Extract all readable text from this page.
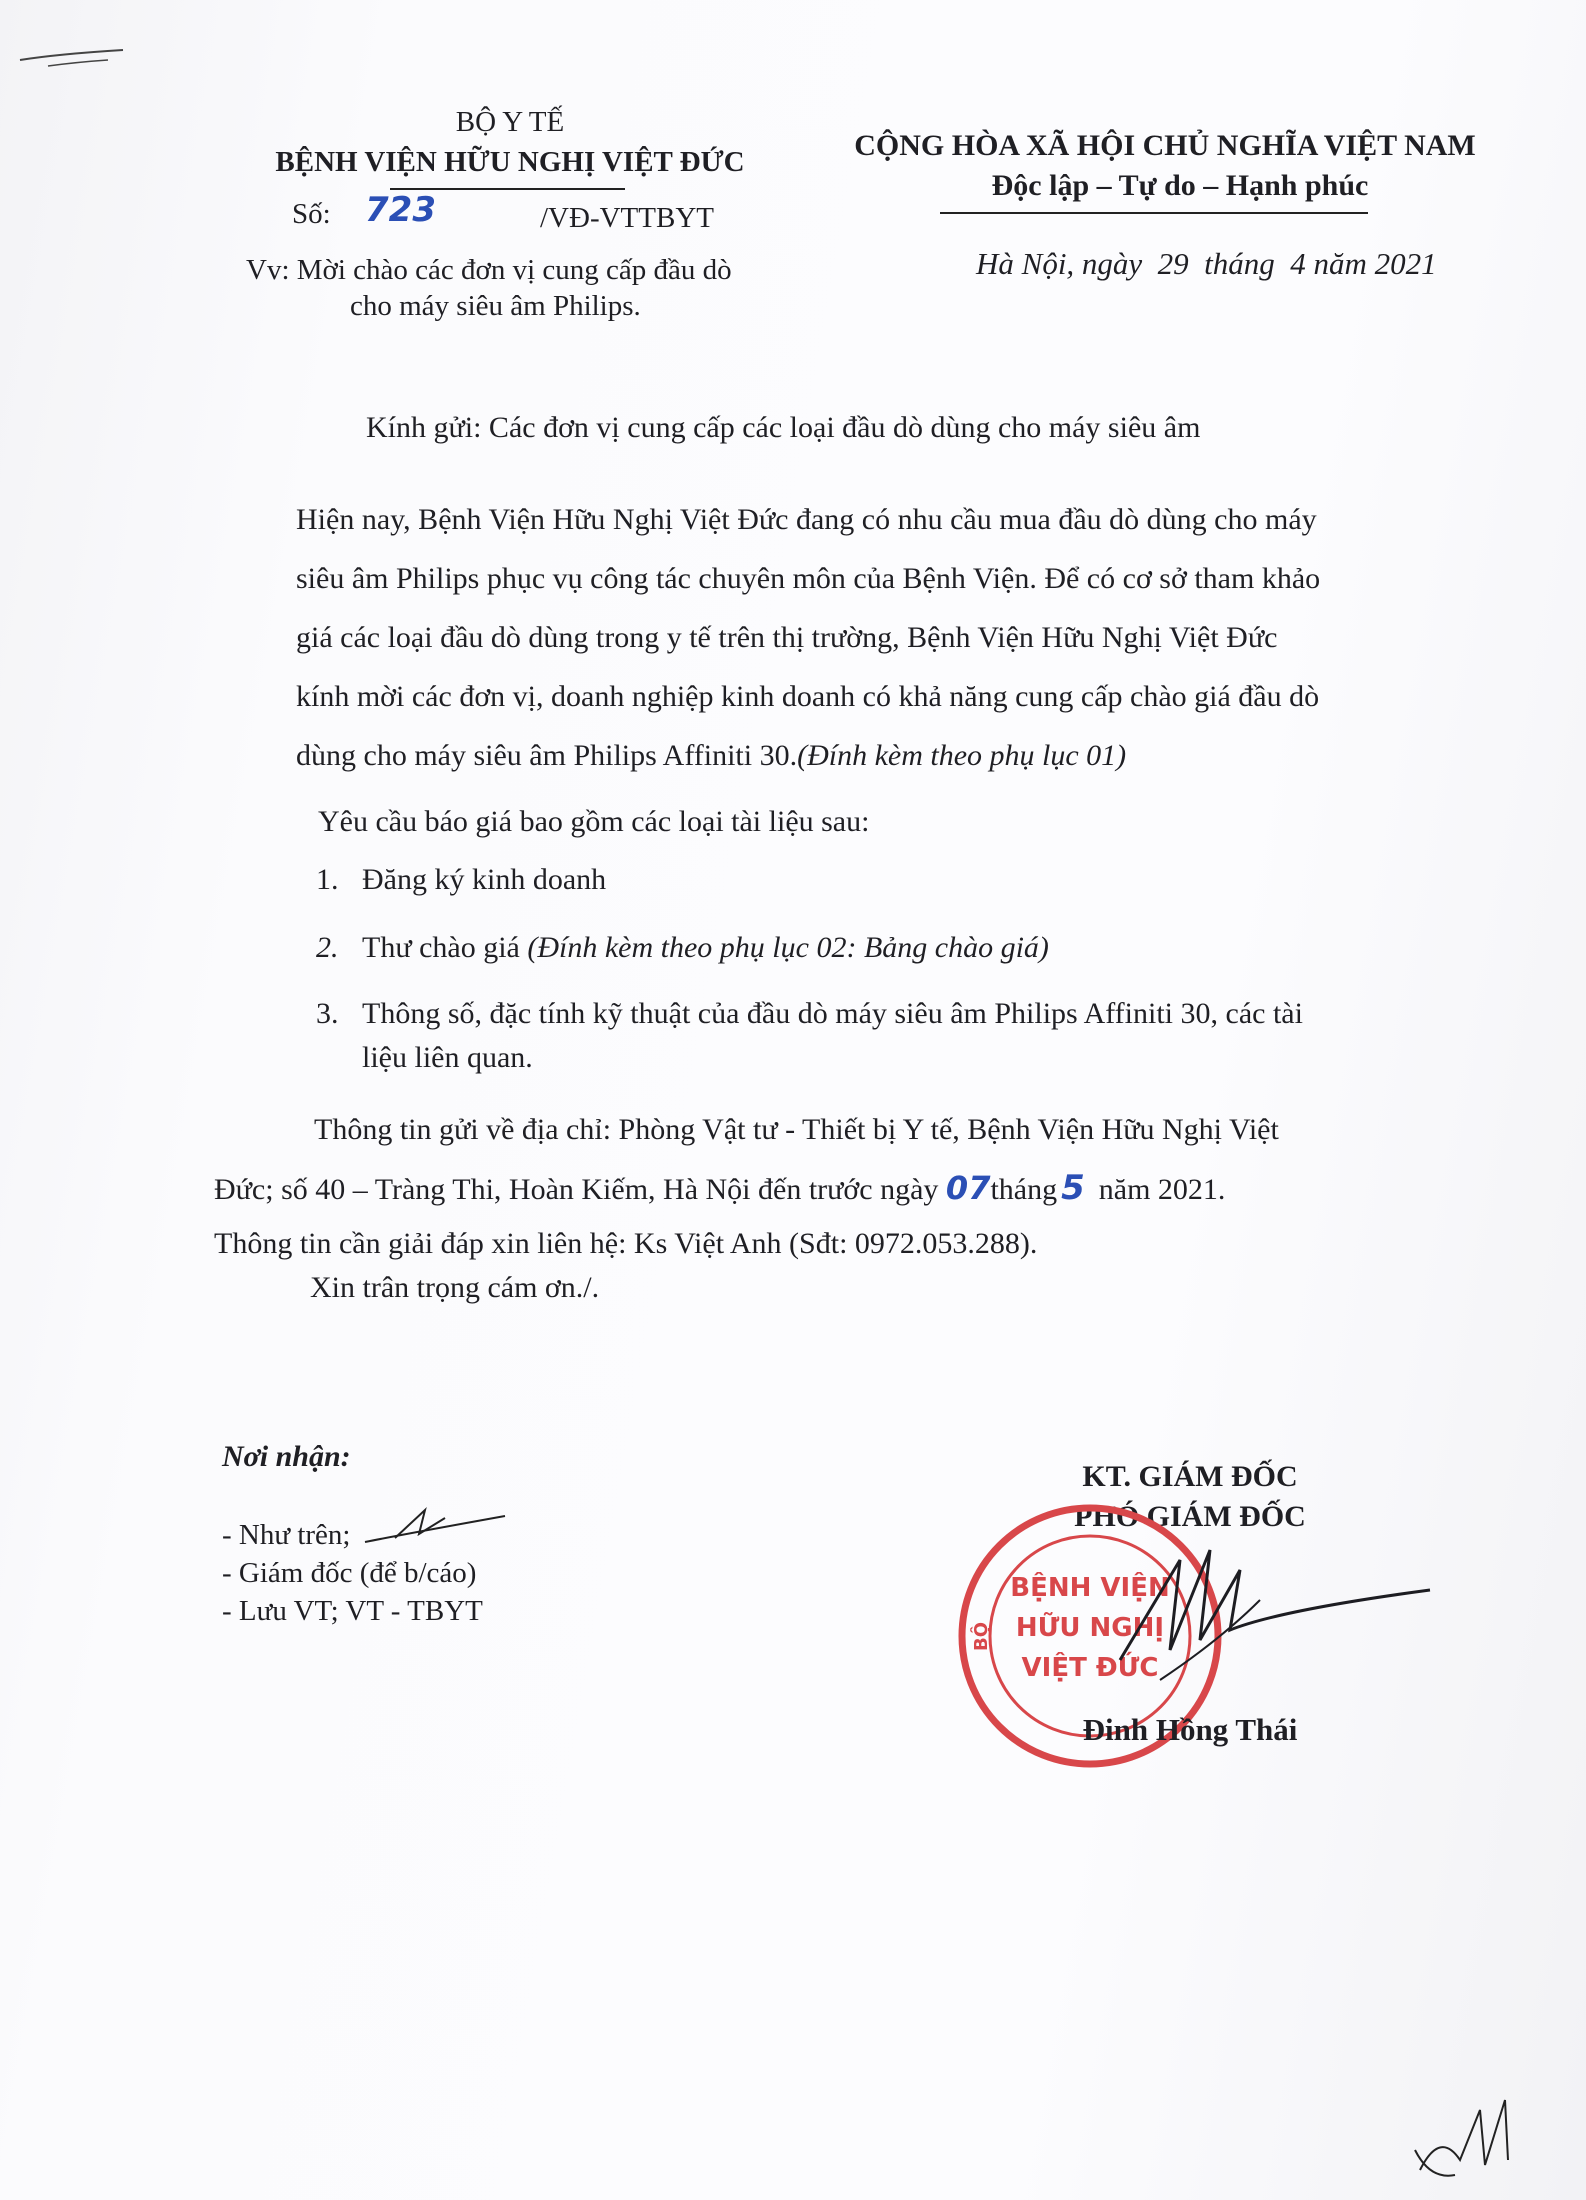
BỘ Y TẾ
BỆNH VIỆN HỮU NGHỊ VIỆT ĐỨC
Số: 723	/VĐ-VTTBYT
Vv: Mời chào các đơn vị cung cấp đầu dò
cho máy siêu âm Philips.
CỘNG HÒA XÃ HỘI CHỦ NGHĨA VIỆT NAM
Độc lập – Tự do – Hạnh phúc
Hà Nội, ngày  29  tháng  4 năm 2021
Kính gửi: Các đơn vị cung cấp các loại đầu dò dùng cho máy siêu âm
Hiện nay, Bệnh Viện Hữu Nghị Việt Đức đang có nhu cầu mua đầu dò dùng cho máy
siêu âm Philips phục vụ công tác chuyên môn của Bệnh Viện. Để có cơ sở tham khảo
giá các loại đầu dò dùng trong y tế trên thị trường, Bệnh Viện Hữu Nghị Việt Đức
kính mời các đơn vị, doanh nghiệp kinh doanh có khả năng cung cấp chào giá đầu dò
dùng cho máy siêu âm Philips Affiniti 30.(Đính kèm theo phụ lục 01)
Yêu cầu báo giá bao gồm các loại tài liệu sau:
1. Đăng ký kinh doanh
2. Thư chào giá (Đính kèm theo phụ lục 02: Bảng chào giá)
3. Thông số, đặc tính kỹ thuật của đầu dò máy siêu âm Philips Affiniti 30, các tài
liệu liên quan.
Thông tin gửi về địa chỉ: Phòng Vật tư - Thiết bị Y tế, Bệnh Viện Hữu Nghị Việt
Đức; số 40 – Tràng Thi, Hoàn Kiếm, Hà Nội đến trước ngày 07tháng 5 năm 2021.
Thông tin cần giải đáp xin liên hệ: Ks Việt Anh (Sđt: 0972.053.288).
Xin trân trọng cám ơn./.
Nơi nhận:
- Như trên;
- Giám đốc (để b/cáo)
- Lưu VT; VT - TBYT
KT. GIÁM ĐỐC
PHÓ GIÁM ĐỐC
BỆNH VIỆN
HỮU NGHỊ
VIỆT ĐỨC
BỘ
Đinh Hồng Thái
